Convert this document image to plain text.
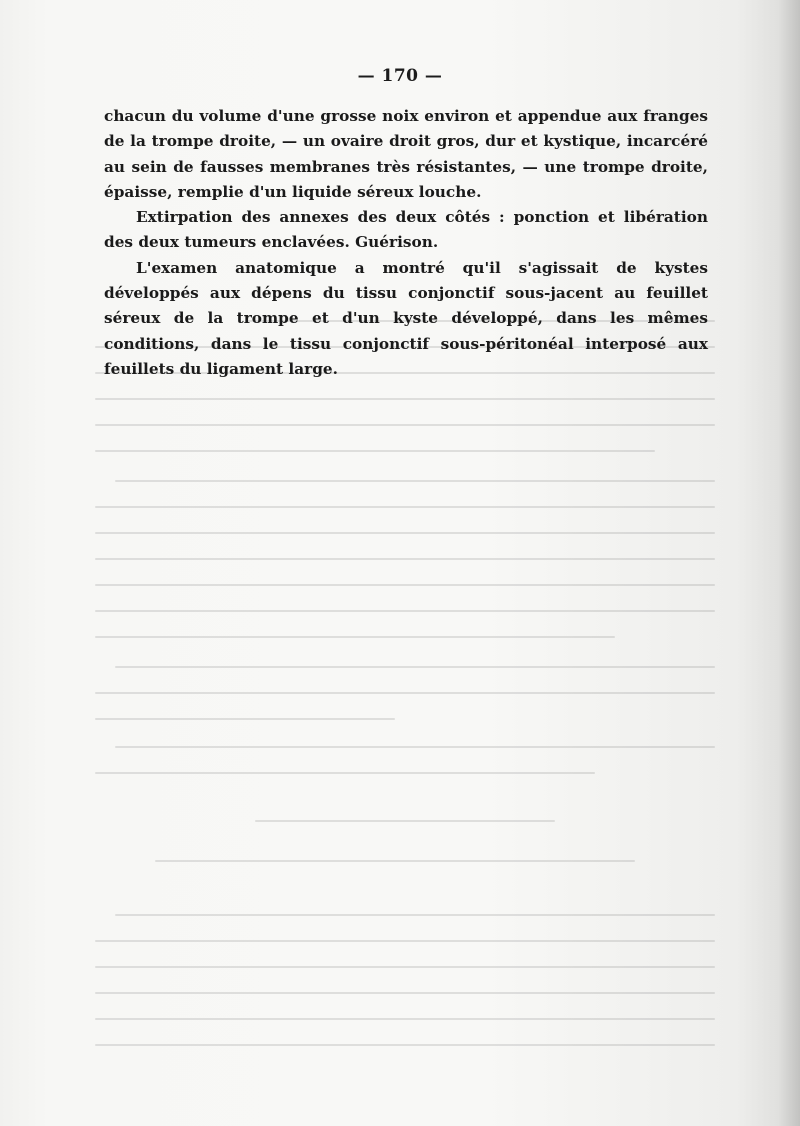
— 170 —

chacun du volume d'une grosse noix environ et appendue aux franges de la trompe droite, — un ovaire droit gros, dur et kystique, incarcéré au sein de fausses membranes très résistantes, — une trompe droite, épaisse, remplie d'un liquide séreux louche.

Extirpation des annexes des deux côtés : ponction et libération des deux tumeurs enclavées. Guérison.

L'examen anatomique a montré qu'il s'agissait de kystes développés aux dépens du tissu conjonctif sous-jacent au feuillet séreux de la trompe et d'un kyste développé, dans les mêmes conditions, dans le tissu conjonctif sous-péritonéal interposé aux feuillets du ligament large.
